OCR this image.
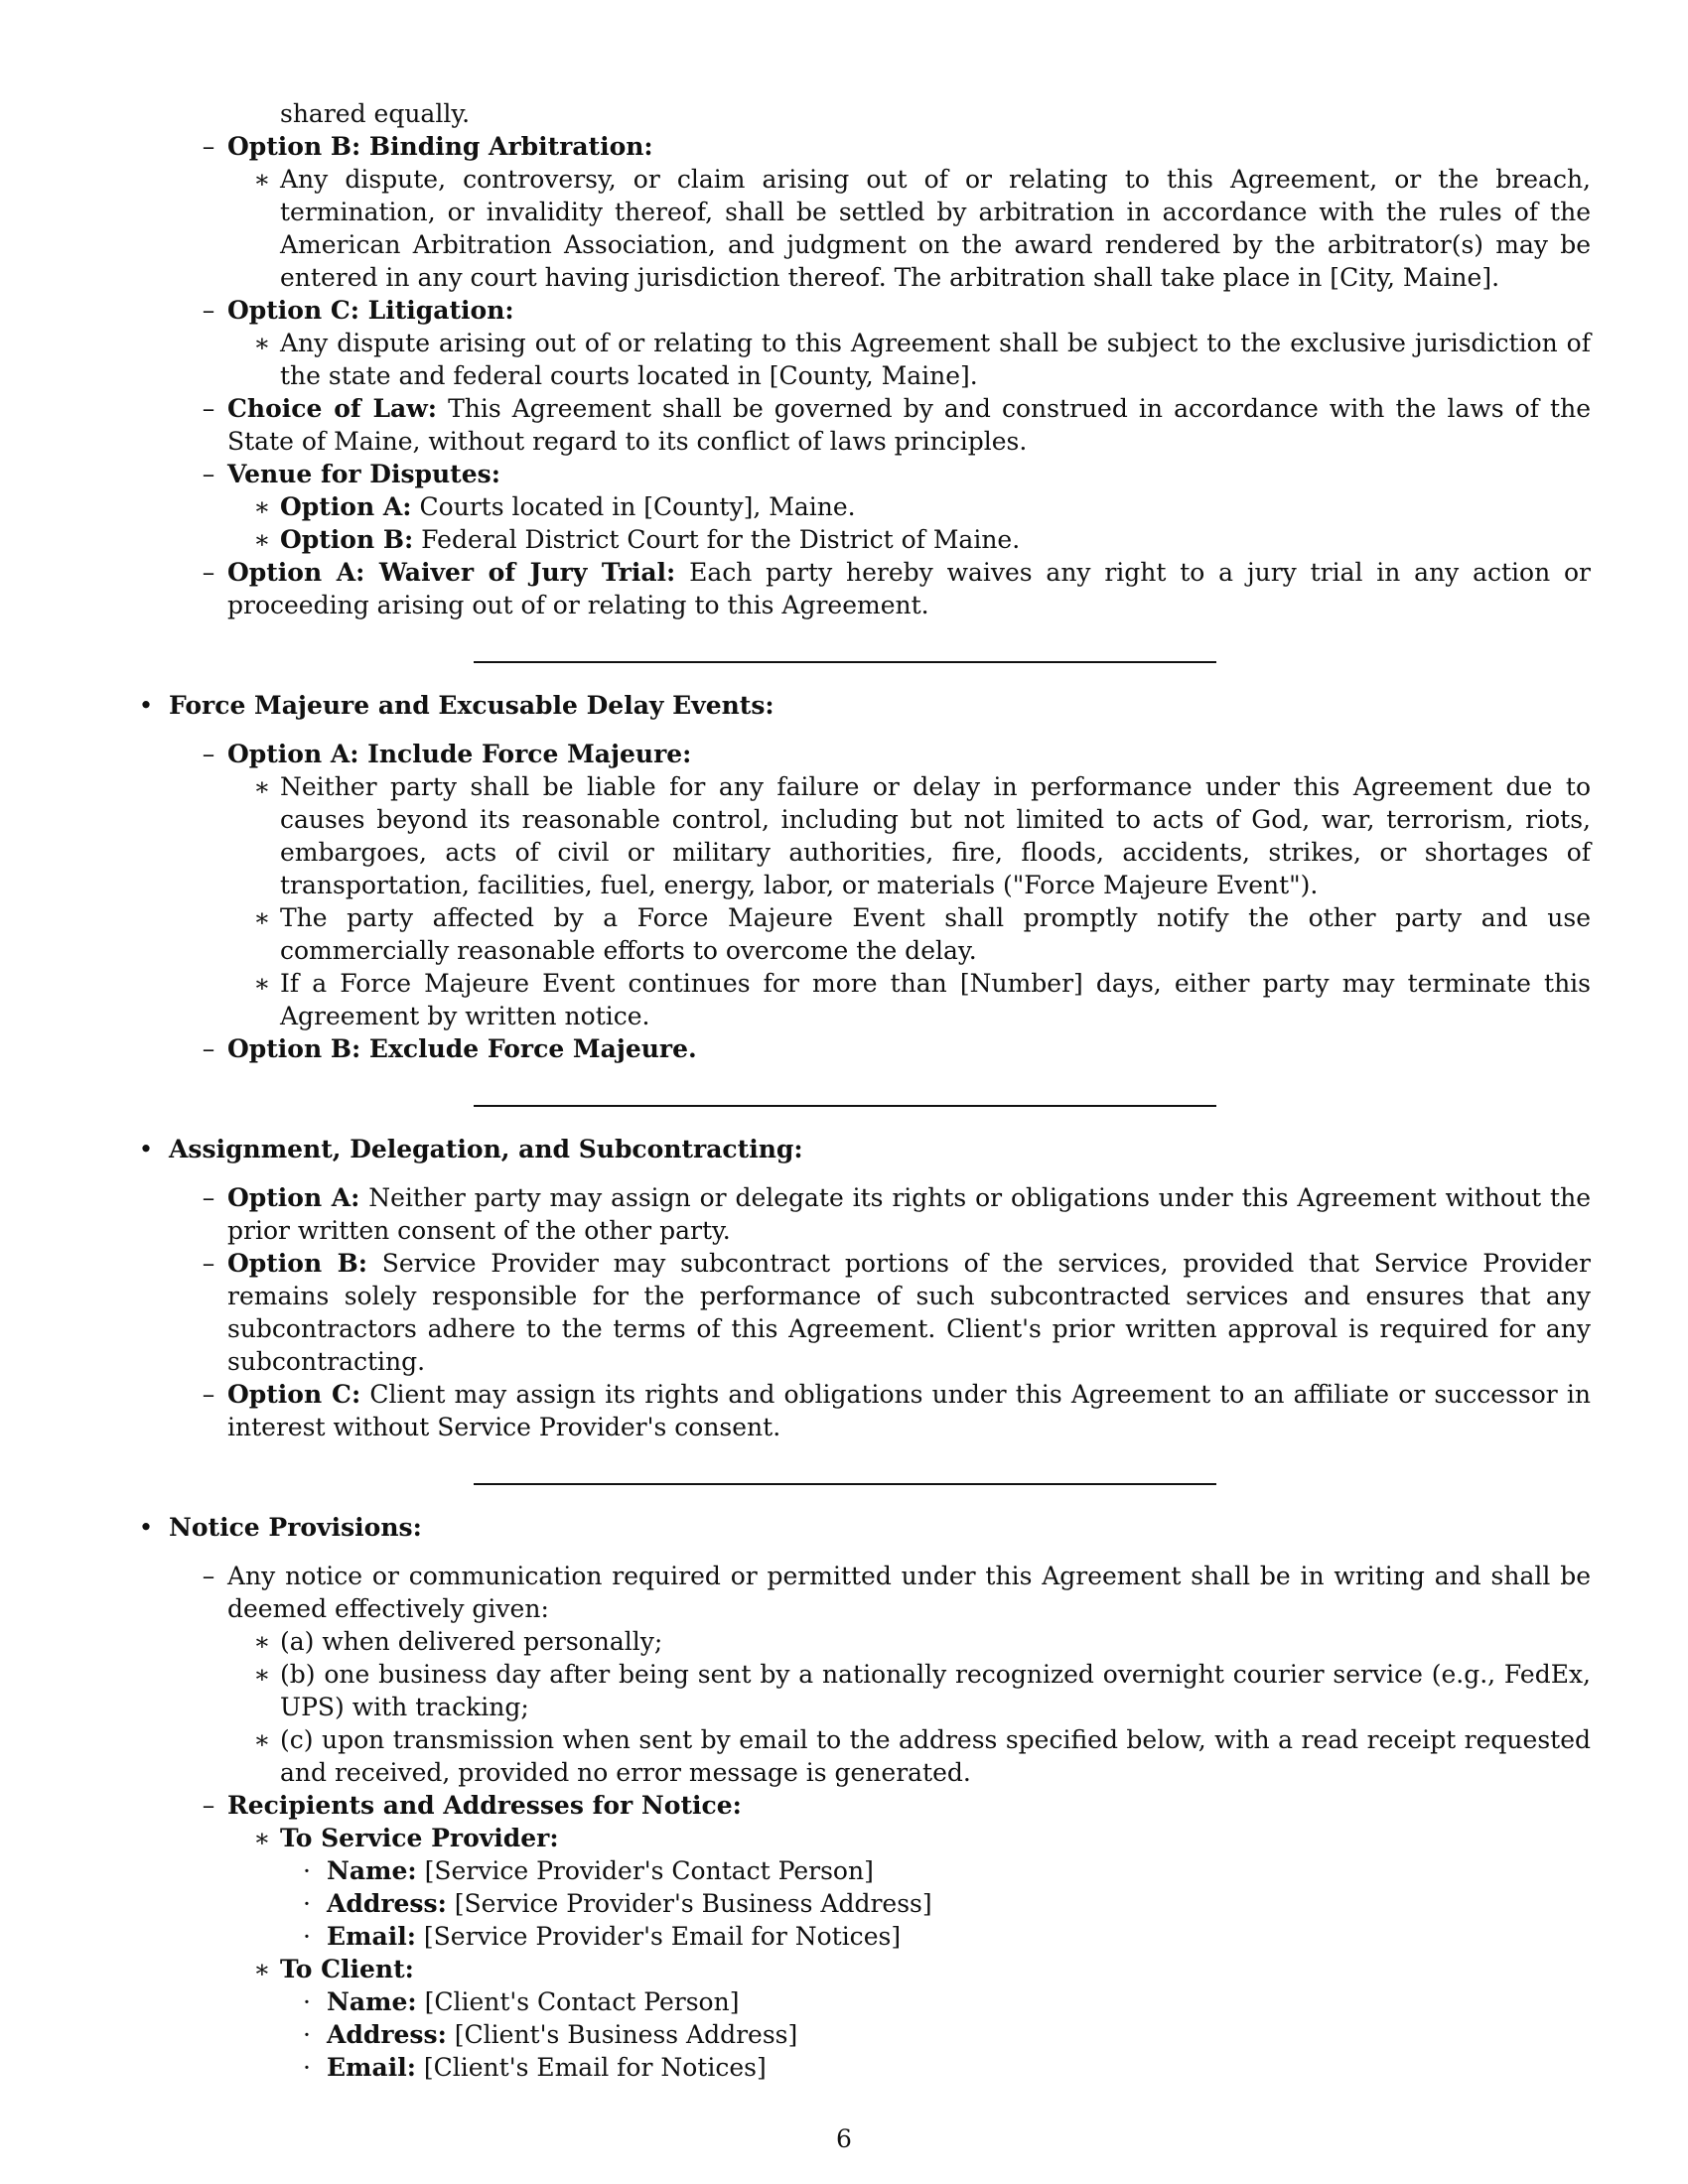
shared equally.
– Option B: Binding Arbitration:
∗ Any dispute, controversy, or claim arising out of or relating to this Agreement, or the breach, termination, or invalidity thereof, shall be settled by arbitration in accordance with the rules of the American Arbitration Association, and judgment on the award rendered by the arbitrator(s) may be entered in any court having jurisdiction thereof. The arbitration shall take place in [City, Maine].
– Option C: Litigation:
∗ Any dispute arising out of or relating to this Agreement shall be subject to the exclusive jurisdiction of the state and federal courts located in [County, Maine].
– Choice of Law: This Agreement shall be governed by and construed in accordance with the laws of the State of Maine, without regard to its conflict of laws principles.
– Venue for Disputes:
∗ Option A: Courts located in [County], Maine.
∗ Option B: Federal District Court for the District of Maine.
– Option A: Waiver of Jury Trial: Each party hereby waives any right to a jury trial in any action or proceeding arising out of or relating to this Agreement.
• Force Majeure and Excusable Delay Events:
– Option A: Include Force Majeure:
∗ Neither party shall be liable for any failure or delay in performance under this Agreement due to causes beyond its reasonable control, including but not limited to acts of God, war, terrorism, riots, embargoes, acts of civil or military authorities, fire, floods, accidents, strikes, or shortages of transportation, facilities, fuel, energy, labor, or materials ("Force Majeure Event").
∗ The party affected by a Force Majeure Event shall promptly notify the other party and use commercially reasonable efforts to overcome the delay.
∗ If a Force Majeure Event continues for more than [Number] days, either party may terminate this Agreement by written notice.
– Option B: Exclude Force Majeure.
• Assignment, Delegation, and Subcontracting:
– Option A: Neither party may assign or delegate its rights or obligations under this Agreement without the prior written consent of the other party.
– Option B: Service Provider may subcontract portions of the services, provided that Service Provider remains solely responsible for the performance of such subcontracted services and ensures that any subcontractors adhere to the terms of this Agreement. Client's prior written approval is required for any subcontracting.
– Option C: Client may assign its rights and obligations under this Agreement to an affiliate or successor in interest without Service Provider's consent.
• Notice Provisions:
– Any notice or communication required or permitted under this Agreement shall be in writing and shall be deemed effectively given:
∗ (a) when delivered personally;
∗ (b) one business day after being sent by a nationally recognized overnight courier service (e.g., FedEx, UPS) with tracking;
∗ (c) upon transmission when sent by email to the address specified below, with a read receipt requested and received, provided no error message is generated.
– Recipients and Addresses for Notice:
∗ To Service Provider:
· Name: [Service Provider's Contact Person]
· Address: [Service Provider's Business Address]
· Email: [Service Provider's Email for Notices]
∗ To Client:
· Name: [Client's Contact Person]
· Address: [Client's Business Address]
· Email: [Client's Email for Notices]
6
